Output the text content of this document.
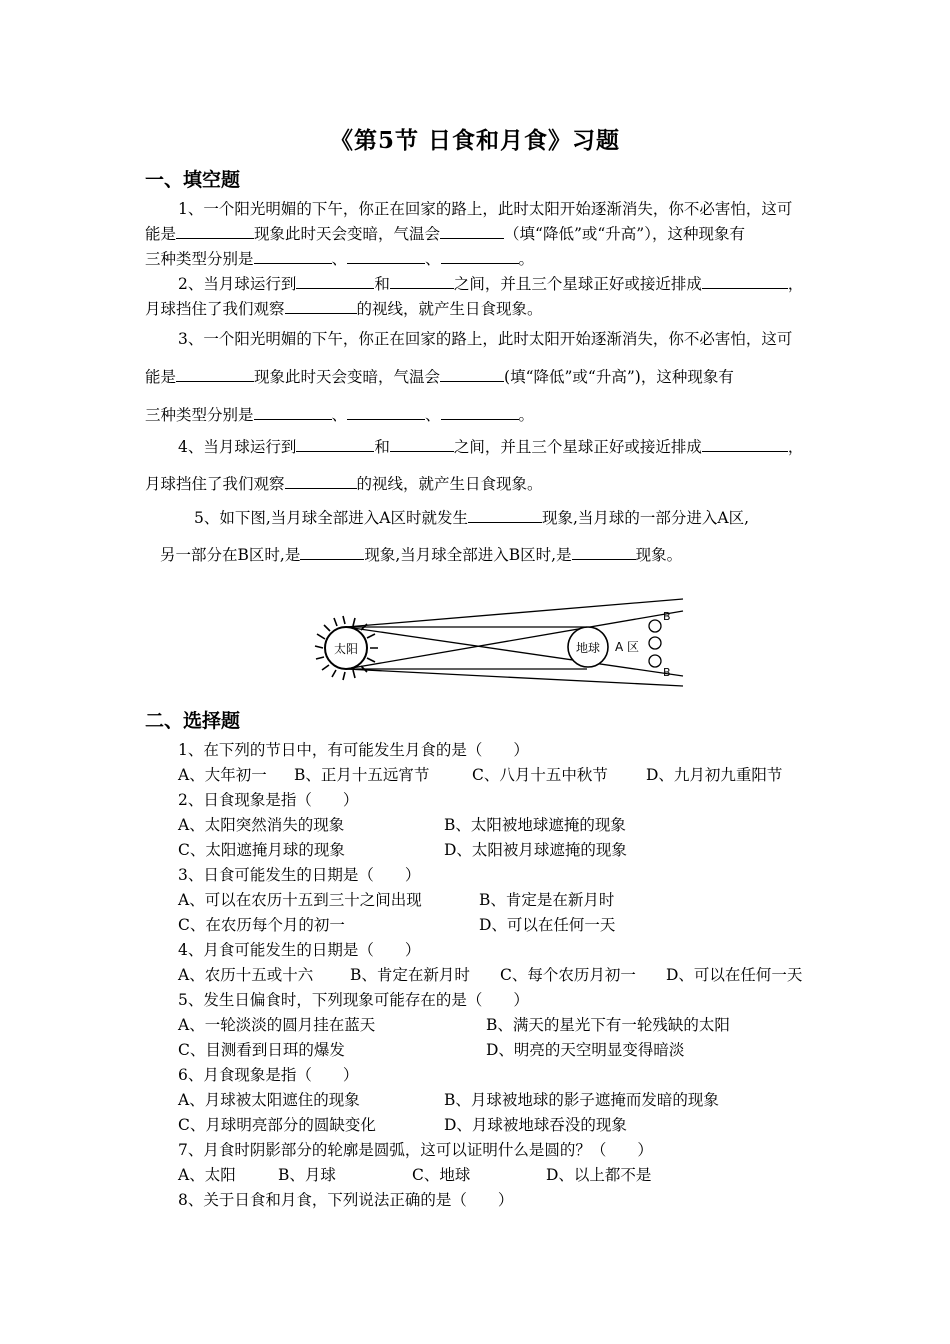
《第5节 日食和月食》习题
一、填空题
1、一个阳光明媚的下午，你正在回家的路上，此时太阳开始逐渐消失，你不必害怕，这可
能是	现象此时天会变暗，气温会	（填“降低”或“升高”），这种现象有
三种类型分别是	、	、	。
2、当月球运行到	和	之间，并且三个星球正好或接近排成	，
月球挡住了我们观察	的视线，就产生日食现象。
3、一个阳光明媚的下午，你正在回家的路上，此时太阳开始逐渐消失，你不必害怕，这可
能是	现象此时天会变暗，气温会	(填“降低”或“升高”)，这种现象有
三种类型分别是	、	、	。
4、当月球运行到	和	之间，并且三个星球正好或接近排成	，
月球挡住了我们观察	的视线，就产生日食现象。
5、如下图,当月球全部进入A区时就发生	现象,当月球的一部分进入A区,
另一部分在B区时,是	现象,当月球全部进入B区时,是	现象。
太阳	地球 A 区
B
B
二、选择题
1、在下列的节日中，有可能发生月食的是（　　）
A、大年初一 B、正月十五远宵节	C、八月十五中秋节 D、九月初九重阳节
2、日食现象是指（　　）
A、太阳突然消失的现象	B、太阳被地球遮掩的现象
C、太阳遮掩月球的现象	D、太阳被月球遮掩的现象
3、日食可能发生的日期是（　　）
A、可以在农历十五到三十之间出现	B、肯定是在新月时
C、在农历每个月的初一	D、可以在任何一天
4、月食可能发生的日期是（　　）
A、农历十五或十六 B、肯定在新月时 C、每个农历月初一 D、可以在任何一天
5、发生日偏食时，下列现象可能存在的是（　　）
A、一轮淡淡的圆月挂在蓝天	B、满天的星光下有一轮残缺的太阳
C、目测看到日珥的爆发	D、明亮的天空明显变得暗淡
6、月食现象是指（　　）
A、月球被太阳遮住的现象	B、月球被地球的影子遮掩而发暗的现象
C、月球明亮部分的圆缺变化	D、月球被地球吞没的现象
7、月食时阴影部分的轮廓是圆弧，这可以证明什么是圆的？（　　）
A、太阳	B、月球	C、地球	D、以上都不是
8、关于日食和月食，下列说法正确的是（　　）
